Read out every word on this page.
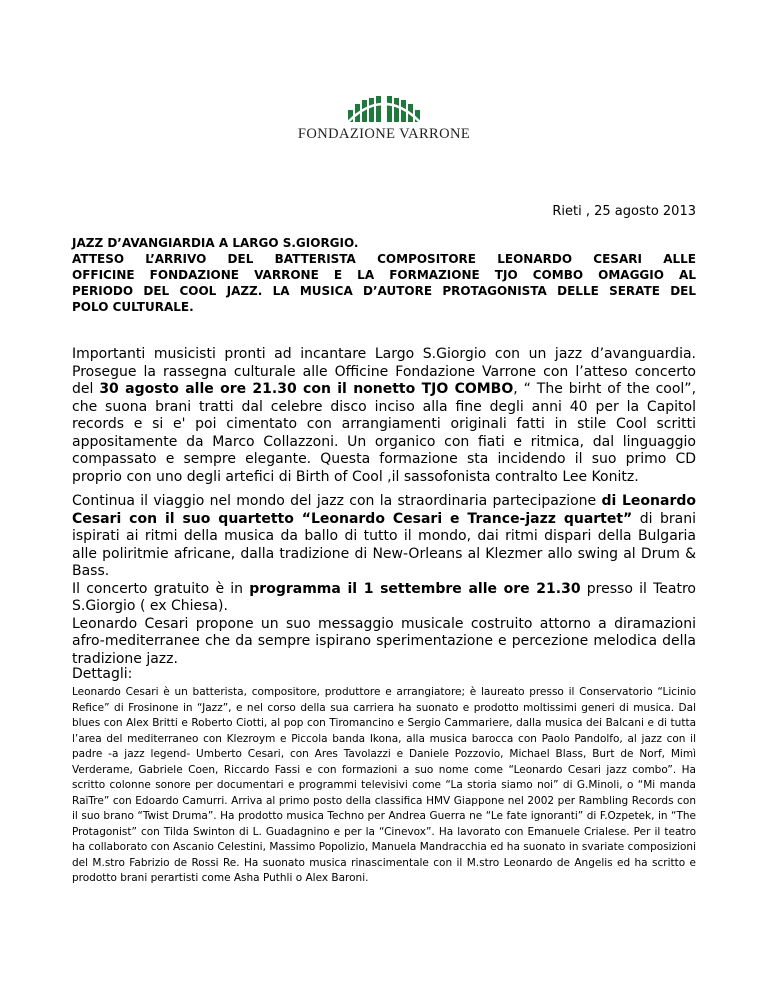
FONDAZIONE VARRONE
Rieti , 25 agosto 2013
JAZZ D’AVANGIARDIA A LARGO S.GIORGIO.
ATTESO L’ARRIVO DEL BATTERISTA COMPOSITORE LEONARDO CESARI ALLE
OFFICINE FONDAZIONE VARRONE E LA FORMAZIONE TJO COMBO OMAGGIO AL
PERIODO DEL COOL JAZZ. LA MUSICA D’AUTORE PROTAGONISTA DELLE SERATE DEL
POLO CULTURALE.

Importanti musicisti pronti ad incantare Largo S.Giorgio con un jazz d’avanguardia. Prosegue la rassegna culturale alle Officine Fondazione Varrone con l’atteso concerto del 30 agosto alle ore 21.30 con il nonetto TJO COMBO, “ The birht of the cool”, che suona brani tratti dal celebre disco inciso alla fine degli anni 40 per la Capitol records e si e' poi cimentato con arrangiamenti originali fatti in stile Cool scritti appositamente da Marco Collazzoni. Un organico con fiati e ritmica, dal linguaggio compassato e sempre elegante. Questa formazione sta incidendo il suo primo CD proprio con uno degli artefici di Birth of Cool ,il sassofonista contralto Lee Konitz.

Continua il viaggio nel mondo del jazz con la straordinaria partecipazione di Leonardo Cesari con il suo quartetto “Leonardo Cesari e Trance-jazz quartet” di brani ispirati ai ritmi della musica da ballo di tutto il mondo, dai ritmi dispari della Bulgaria alle poliritmie africane, dalla tradizione di New-Orleans al Klezmer allo swing al Drum & Bass.

Il concerto gratuito è in programma il 1 settembre alle ore 21.30 presso il Teatro S.Giorgio ( ex Chiesa).

Leonardo Cesari propone un suo messaggio musicale costruito attorno a diramazioni afro-mediterranee che da sempre ispirano sperimentazione e percezione melodica della tradizione jazz.

Dettagli:
Leonardo Cesari è un batterista, compositore, produttore e arrangiatore; è laureato presso il Conservatorio “Licinio Refice” di Frosinone in “Jazz”, e nel corso della sua carriera ha suonato e prodotto moltissimi generi di musica. Dal blues con Alex Britti e Roberto Ciotti, al pop con Tiromancino e Sergio Cammariere, dalla musica dei Balcani e di tutta l’area del mediterraneo con Klezroym e Piccola banda Ikona, alla musica barocca con Paolo Pandolfo, al jazz con il padre -a jazz legend- Umberto Cesari, con Ares Tavolazzi e Daniele Pozzovio, Michael Blass, Burt de Norf, Mimì Verderame, Gabriele Coen, Riccardo Fassi e con formazioni a suo nome come “Leonardo Cesari jazz combo”. Ha scritto colonne sonore per documentari e programmi televisivi come “La storia siamo noi” di G.Minoli, o “Mi manda RaiTre” con Edoardo Camurri. Arriva al primo posto della classifica HMV Giappone nel 2002 per Rambling Records con il suo brano “Twist Druma”. Ha prodotto musica Techno per Andrea Guerra ne “Le fate ignoranti” di F.Ozpetek, in “The Protagonist” con Tilda Swinton di L. Guadagnino e per la “Cinevox”. Ha lavorato con Emanuele Crialese. Per il teatro ha collaborato con Ascanio Celestini, Massimo Popolizio, Manuela Mandracchia ed ha suonato in svariate composizioni del M.stro Fabrizio de Rossi Re. Ha suonato musica rinascimentale con il M.stro Leonardo de Angelis ed ha scritto e prodotto brani perartisti come Asha Puthli o Alex Baroni.
